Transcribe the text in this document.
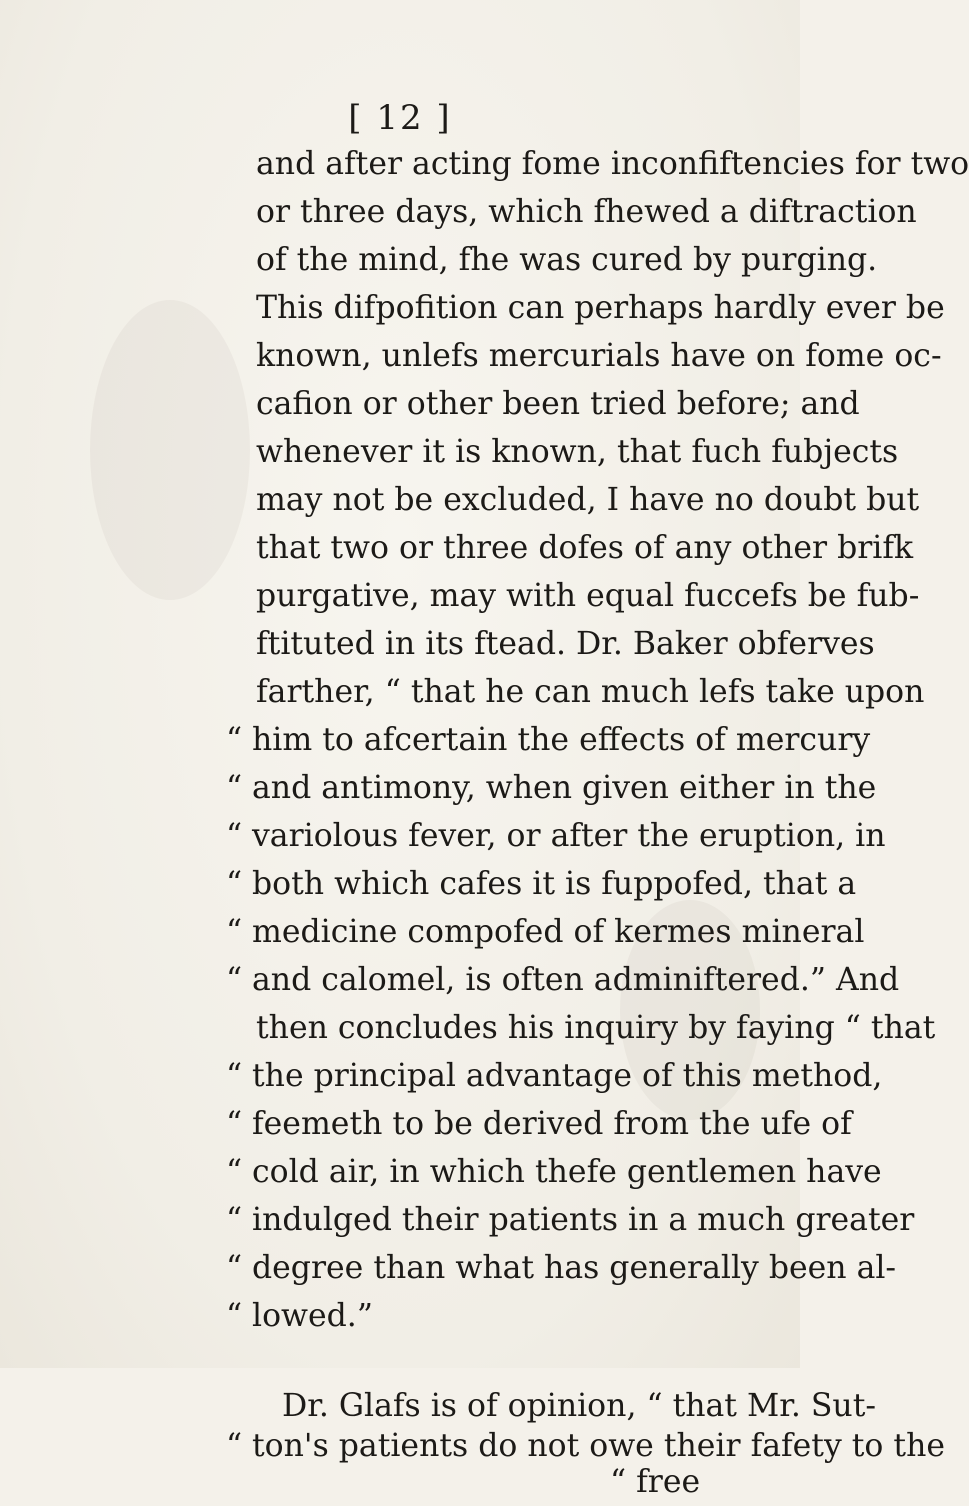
[ 12 ]
and after acting fome inconfiftencies for two
or three days, which fhewed a diftraction
of the mind, fhe was cured by purging.
This difpofition can perhaps hardly ever be
known, unlefs mercurials have on fome oc-
cafion or other been tried before; and
whenever it is known, that fuch fubjects
may not be excluded, I have no doubt but
that two or three dofes of any other brifk
purgative, may with equal fuccefs be fub-
ftituted in its ftead. Dr. Baker obferves
farther, “ that he can much lefs take upon
“ him to afcertain the effects of mercury
“ and antimony, when given either in the
“ variolous fever, or after the eruption, in
“ both which cafes it is fuppofed, that a
“ medicine compofed of kermes mineral
“ and calomel, is often adminiftered.” And
then concludes his inquiry by faying “ that
“ the principal advantage of this method,
“ feemeth to be derived from the ufe of
“ cold air, in which thefe gentlemen have
“ indulged their patients in a much greater
“ degree than what has generally been al-
“ lowed.”
Dr. Glafs is of opinion, “ that Mr. Sut-
“ ton's patients do not owe their fafety to the
“ free
